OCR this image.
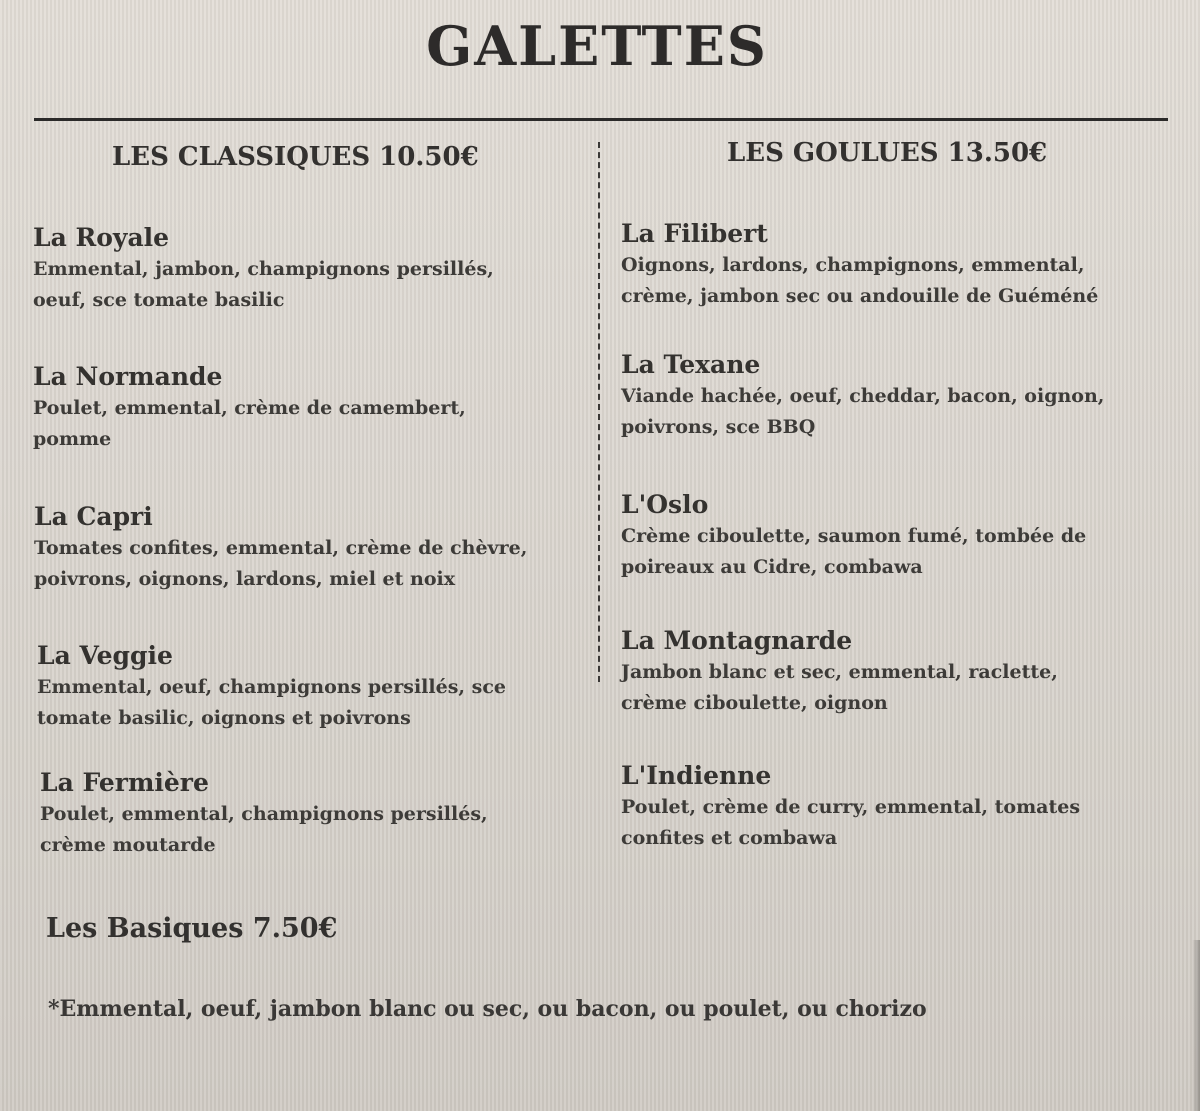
GALETTES
LES CLASSIQUES 10.50€	LES GOULUES 13.50€
La Royale
Emmental, jambon, champignons persillés,
oeuf, sce tomate basilic
La Normande
Poulet, emmental, crème de camembert,
pomme
La Capri
Tomates confites, emmental, crème de chèvre,
poivrons, oignons, lardons, miel et noix
La Veggie
Emmental, oeuf, champignons persillés, sce
tomate basilic, oignons et poivrons
La Fermière
Poulet, emmental, champignons persillés,
crème moutarde
La Filibert
Oignons, lardons, champignons, emmental,
crème, jambon sec ou andouille de Guéméné
La Texane
Viande hachée, oeuf, cheddar, bacon, oignon,
poivrons, sce BBQ
L'Oslo
Crème ciboulette, saumon fumé, tombée de
poireaux au Cidre, combawa
La Montagnarde
Jambon blanc et sec, emmental, raclette,
crème ciboulette, oignon
L'Indienne
Poulet, crème de curry, emmental, tomates
confites et combawa
Les Basiques 7.50€
*Emmental, oeuf, jambon blanc ou sec, ou bacon, ou poulet, ou chorizo
